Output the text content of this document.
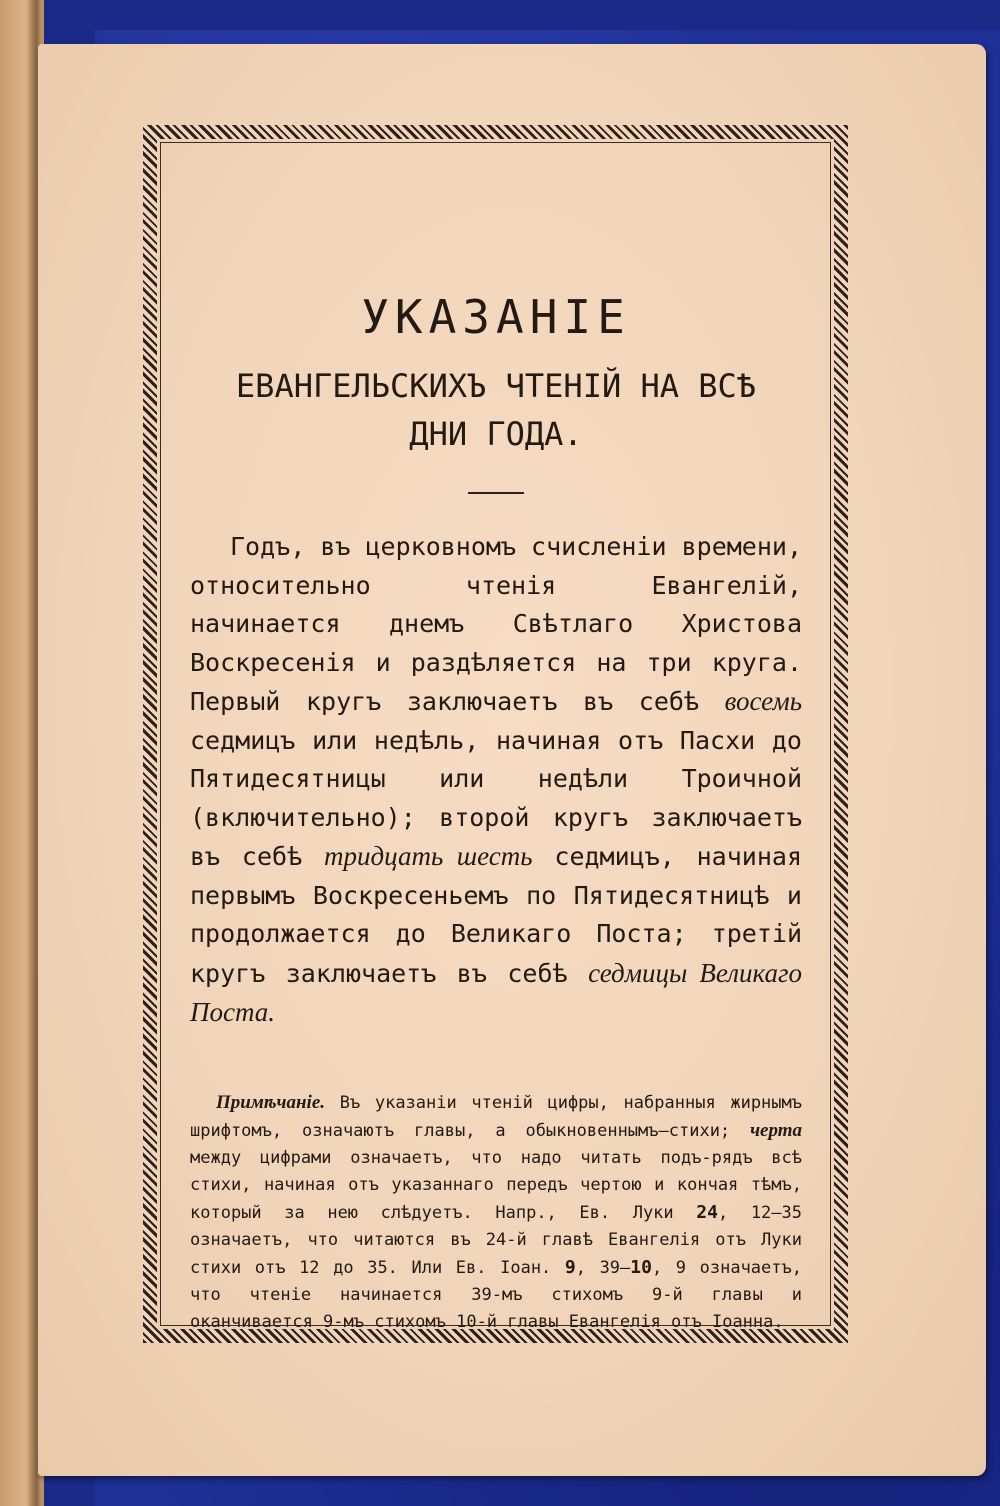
УКАЗАНІЕ
ЕВАНГЕЛЬСКИХЪ ЧТЕНІЙ НА ВСѢ
ДНИ ГОДА.

Годъ, въ церковномъ счисленіи времени, относительно чтенія Евангелій, начинается днемъ Свѣтлаго Христова Воскресенія и раздѣляется на три круга. Первый кругъ заключаетъ въ себѣ восемь седмицъ или недѣль, начиная отъ Пасхи до Пятидесятницы или недѣли Троичной (включительно); второй кругъ заключаетъ въ себѣ тридцать шесть седмицъ, начиная первымъ Воскресеньемъ по Пятидесятницѣ и продолжается до Великаго Поста; третій кругъ заключаетъ въ себѣ седмицы Великаго Поста.

Примѣчаніе. Въ указаніи чтеній цифры, набранныя жирнымъ шрифтомъ, означаютъ главы, а обыкновеннымъ—стихи; черта между цифрами означаетъ, что надо читать подъ-рядъ всѣ стихи, начиная отъ указаннаго передъ чертою и кончая тѣмъ, который за нею слѣдуетъ. Напр., Ев. Луки 24, 12—35 означаетъ, что читаются въ 24-й главѣ Евангелія отъ Луки стихи отъ 12 до 35. Или Ев. Іоан. 9, 39—10, 9 означаетъ, что чтеніе начинается 39-мъ стихомъ 9-й главы и оканчивается 9-мъ стихомъ 10-й главы Евангелія отъ Іоанна.
